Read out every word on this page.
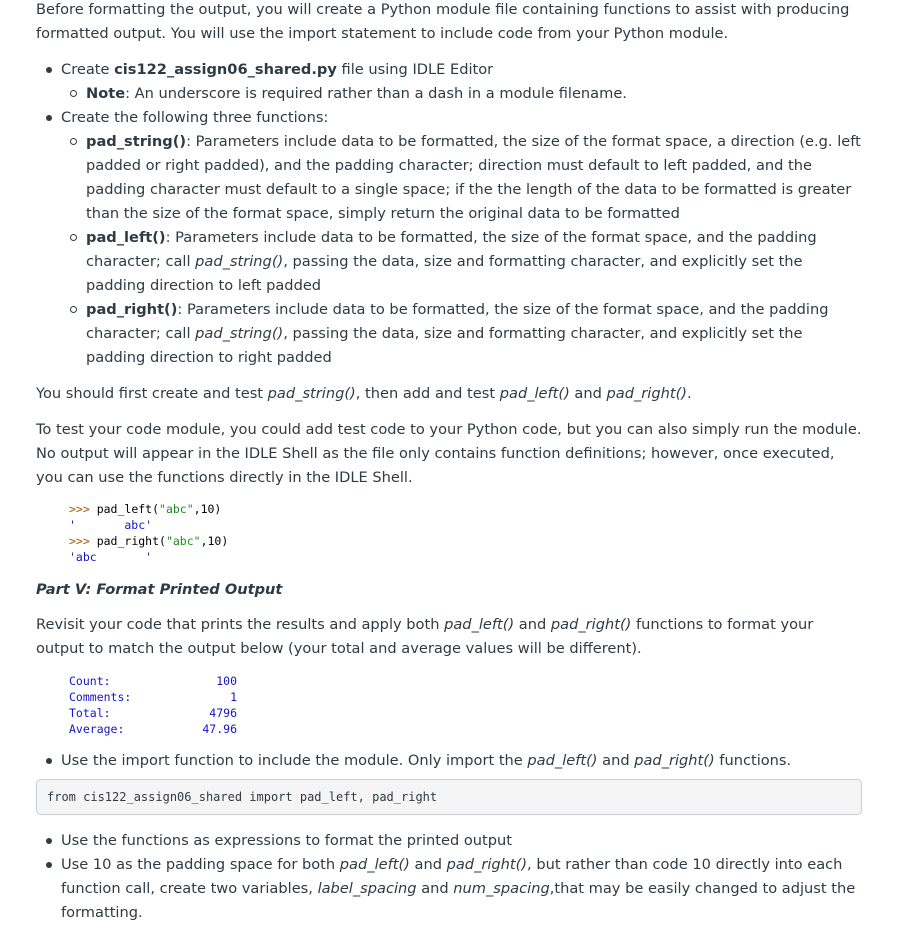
Before formatting the output, you will create a Python module file containing functions to assist with producing formatted output. You will use the import statement to include code from your Python module.

Create cis122_assign06_shared.py file using IDLE Editor
Note: An underscore is required rather than a dash in a module filename.
Create the following three functions:
pad_string(): Parameters include data to be formatted, the size of the format space, a direction (e.g. left padded or right padded), and the padding character; direction must default to left padded, and the padding character must default to a single space; if the the length of the data to be formatted is greater than the size of the format space, simply return the original data to be formatted
pad_left(): Parameters include data to be formatted, the size of the format space, and the padding character; call pad_string(), passing the data, size and formatting character, and explicitly set the padding direction to left padded
pad_right(): Parameters include data to be formatted, the size of the format space, and the padding character; call pad_string(), passing the data, size and formatting character, and explicitly set the padding direction to right padded

You should first create and test pad_string(), then add and test pad_left() and pad_right().

To test your code module, you could add test code to your Python code, but you can also simply run the module. No output will appear in the IDLE Shell as the file only contains function definitions; however, once executed, you can use the functions directly in the IDLE Shell.

>>> pad_left("abc",10)
'       abc'
>>> pad_right("abc",10)
'abc       '
Part V: Format Printed Output

Revisit your code that prints the results and apply both pad_left() and pad_right() functions to format your output to match the output below (your total and average values will be different).

Count:	100
Comments:	1
Total:	4796
Average:	47.96
Use the import function to include the module. Only import the pad_left() and pad_right() functions.
from cis122_assign06_shared import pad_left, pad_right
Use the functions as expressions to format the printed output
Use 10 as the padding space for both pad_left() and pad_right(), but rather than code 10 directly into each function call, create two variables, label_spacing and num_spacing,that may be easily changed to adjust the formatting.
